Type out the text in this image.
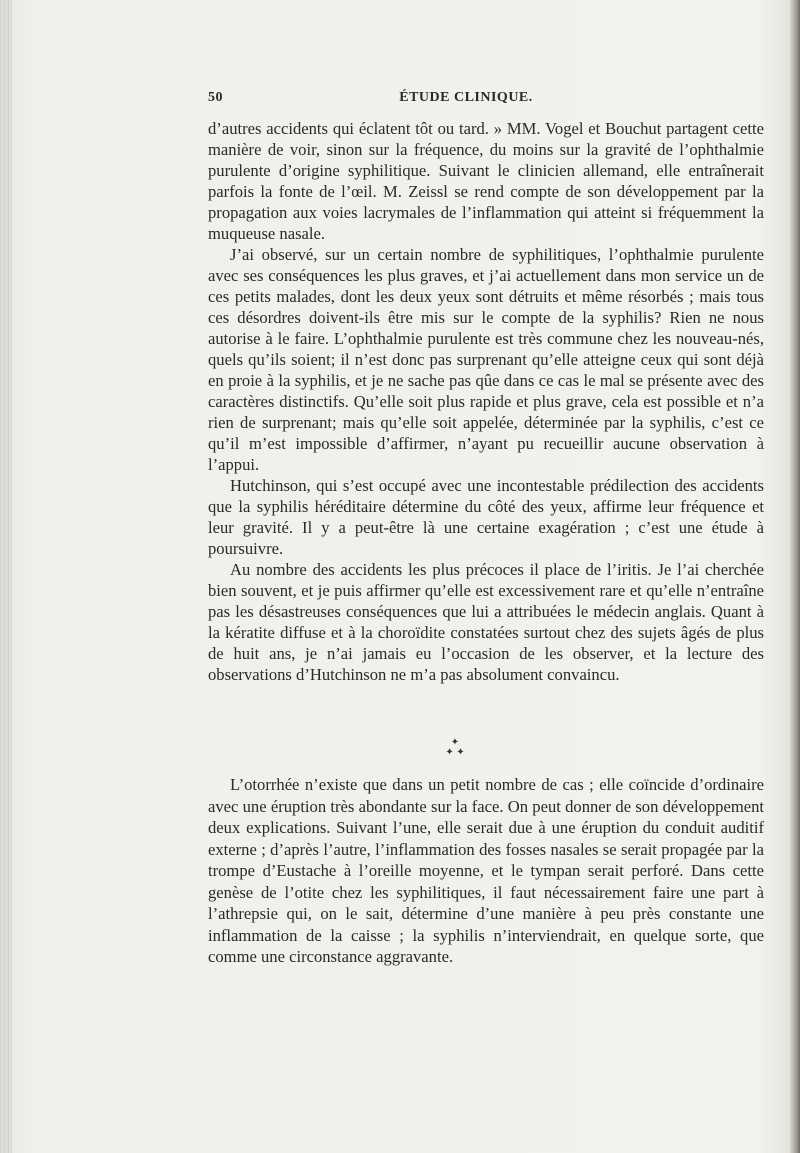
50	ÉTUDE CLINIQUE.

d’autres accidents qui éclatent tôt ou tard. » MM. Vogel et Bouchut partagent cette manière de voir, sinon sur la fréquence, du moins sur la gravité de l’ophthalmie purulente d’origine syphilitique. Suivant le clinicien allemand, elle entraînerait parfois la fonte de l’œil. M. Zeissl se rend compte de son développement par la propagation aux voies lacrymales de l’inflammation qui atteint si fréquemment la muqueuse nasale.

J’ai observé, sur un certain nombre de syphilitiques, l’ophthalmie purulente avec ses conséquences les plus graves, et j’ai actuellement dans mon service un de ces petits malades, dont les deux yeux sont détruits et même résorbés ; mais tous ces désordres doivent-ils être mis sur le compte de la syphilis? Rien ne nous autorise à le faire. L’ophthalmie purulente est très commune chez les nouveau-nés, quels qu’ils soient; il n’est donc pas surprenant qu’elle atteigne ceux qui sont déjà en proie à la syphilis, et je ne sache pas qûe dans ce cas le mal se présente avec des caractères distinctifs. Qu’elle soit plus rapide et plus grave, cela est possible et n’a rien de surprenant; mais qu’elle soit appelée, déterminée par la syphilis, c’est ce qu’il m’est impossible d’affirmer, n’ayant pu recueillir aucune observation à l’appui.

Hutchinson, qui s’est occupé avec une incontestable prédilection des accidents que la syphilis héréditaire détermine du côté des yeux, affirme leur fréquence et leur gravité. Il y a peut-être là une certaine exagération ; c’est une étude à poursuivre.

Au nombre des accidents les plus précoces il place de l’iritis. Je l’ai cherchée bien souvent, et je puis affirmer qu’elle est excessivement rare et qu’elle n’entraîne pas les désastreuses conséquences que lui a attribuées le médecin anglais. Quant à la kératite diffuse et à la choroïdite constatées surtout chez des sujets âgés de plus de huit ans, je n’ai jamais eu l’occasion de les observer, et la lecture des observations d’Hutchinson ne m’a pas absolument convaincu.

✦
✦ ✦

L’otorrhée n’existe que dans un petit nombre de cas ; elle coïncide d’ordinaire avec une éruption très abondante sur la face. On peut donner de son développement deux explications. Suivant l’une, elle serait due à une éruption du conduit auditif externe ; d’après l’autre, l’inflammation des fosses nasales se serait propagée par la trompe d’Eustache à l’oreille moyenne, et le tympan serait perforé. Dans cette genèse de l’otite chez les syphilitiques, il faut nécessairement faire une part à l’athrepsie qui, on le sait, détermine d’une manière à peu près constante une inflammation de la caisse ; la syphilis n’interviendrait, en quelque sorte, que comme une circonstance aggravante.
